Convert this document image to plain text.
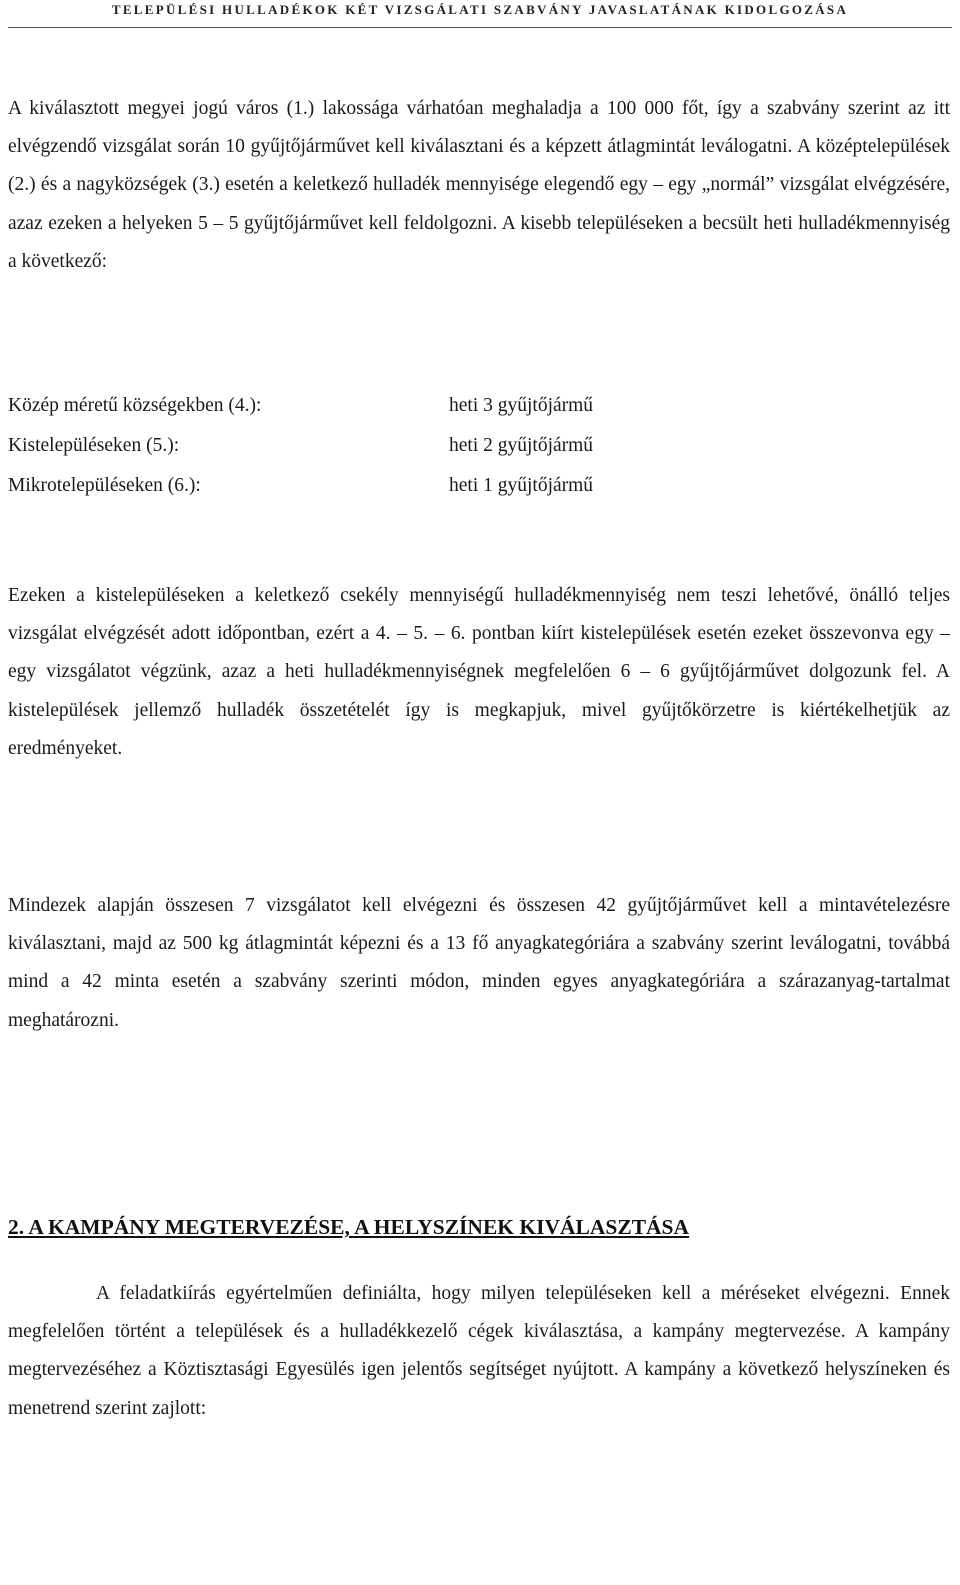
TELEPÜLÉSI HULLADÉKOK KÉT VIZSGÁLATI SZABVÁNY JAVASLATÁNAK KIDOLGOZÁSA

A kiválasztott megyei jogú város (1.) lakossága várhatóan meghaladja a 100 000 főt, így a szabvány szerint az itt elvégzendő vizsgálat során 10 gyűjtőjárművet kell kiválasztani és a képzett átlagmintát leválogatni. A középtelepülések (2.) és a nagyközségek (3.) esetén a keletkező hulladék mennyisége elegendő egy – egy „normál” vizsgálat elvégzésére, azaz ezeken a helyeken 5 – 5 gyűjtőjárművet kell feldolgozni. A kisebb településeken a becsült heti hulladékmennyiség a következő:

Közép méretű községekben (4.):	heti 3 gyűjtőjármű
Kistelepüléseken (5.):	heti 2 gyűjtőjármű
Mikrotelepüléseken (6.):	heti 1 gyűjtőjármű

Ezeken a kistelepüléseken a keletkező csekély mennyiségű hulladékmennyiség nem teszi lehetővé, önálló teljes vizsgálat elvégzését adott időpontban, ezért a 4. – 5. – 6. pontban kiírt kistelepülések esetén ezeket összevonva egy – egy vizsgálatot végzünk, azaz a heti hulladékmennyiségnek megfelelően 6 – 6 gyűjtőjárművet dolgozunk fel. A kistelepülések jellemző hulladék összetételét így is megkapjuk, mivel gyűjtőkörzetre is kiértékelhetjük az eredményeket.

Mindezek alapján összesen 7 vizsgálatot kell elvégezni és összesen 42 gyűjtőjárművet kell a mintavételezésre kiválasztani, majd az 500 kg átlagmintát képezni és a 13 fő anyagkategóriára a szabvány szerint leválogatni, továbbá mind a 42 minta esetén a szabvány szerinti módon, minden egyes anyagkategóriára a szárazanyag-tartalmat meghatározni.

2. A KAMPÁNY MEGTERVEZÉSE, A HELYSZÍNEK KIVÁLASZTÁSA

A feladatkiírás egyértelműen definiálta, hogy milyen településeken kell a méréseket elvégezni. Ennek megfelelően történt a települések és a hulladékkezelő cégek kiválasztása, a kampány megtervezése. A kampány megtervezéséhez a Köztisztasági Egyesülés igen jelentős segítséget nyújtott. A kampány a következő helyszíneken és menetrend szerint zajlott:
